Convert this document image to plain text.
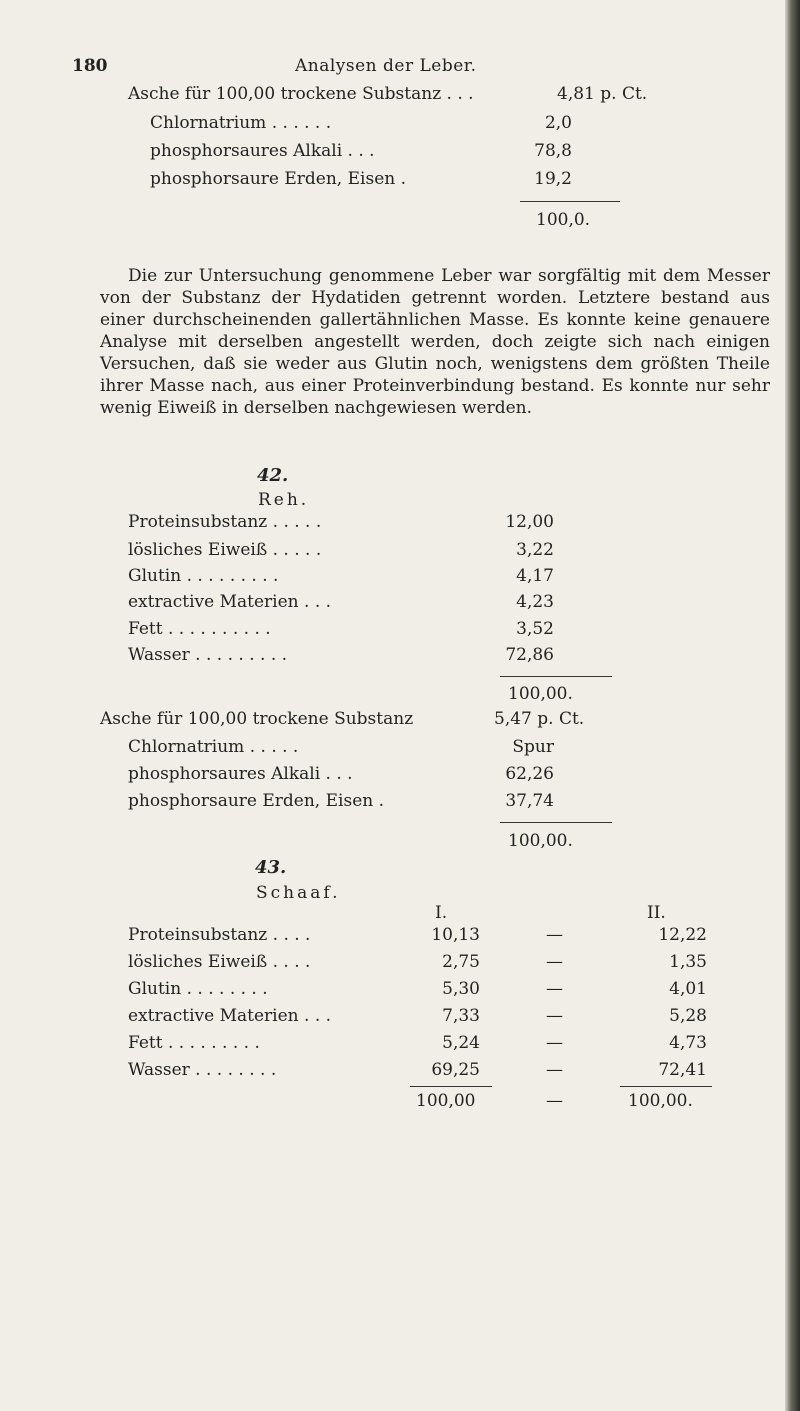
180	Analysen der Leber.
Asche für 100,00 trockene Substanz . . .	4,81 p. Ct.
Chlornatrium . . . . . .	2,0
phosphorsaures Alkali . . .	78,8
phosphorsaure Erden, Eisen .	19,2
100,0.

Die zur Untersuchung genommene Leber war sorgfältig mit dem Messer von der Substanz der Hydatiden getrennt worden. Letztere bestand aus einer durchscheinenden gallertähnlichen Masse. Es konnte keine genauere Analyse mit derselben angestellt werden, doch zeigte sich nach einigen Versuchen, daß sie weder aus Glutin noch, wenigstens dem größten Theile ihrer Masse nach, aus einer Proteinverbindung bestand. Es konnte nur sehr wenig Eiweiß in derselben nachgewiesen werden.

42.
Reh.
Proteinsubstanz . . . . .	12,00
lösliches Eiweiß . . . . .	3,22
Glutin . . . . . . . . .	4,17
extractive Materien . . .	4,23
Fett . . . . . . . . . .	3,52
Wasser . . . . . . . . .	72,86
100,00.
Asche für 100,00 trockene Substanz	5,47 p. Ct.
Chlornatrium . . . . .	Spur
phosphorsaures Alkali . . .	62,26
phosphorsaure Erden, Eisen .	37,74
100,00.
43.
Schaaf.
I.	II.
Proteinsubstanz . . . .	10,13	—	12,22
lösliches Eiweiß . . . .	2,75	—	1,35
Glutin . . . . . . . .	5,30	—	4,01
extractive Materien . . .	7,33	—	5,28
Fett . . . . . . . . .	5,24	—	4,73
Wasser . . . . . . . .	69,25	—	72,41
100,00	—	100,00.
